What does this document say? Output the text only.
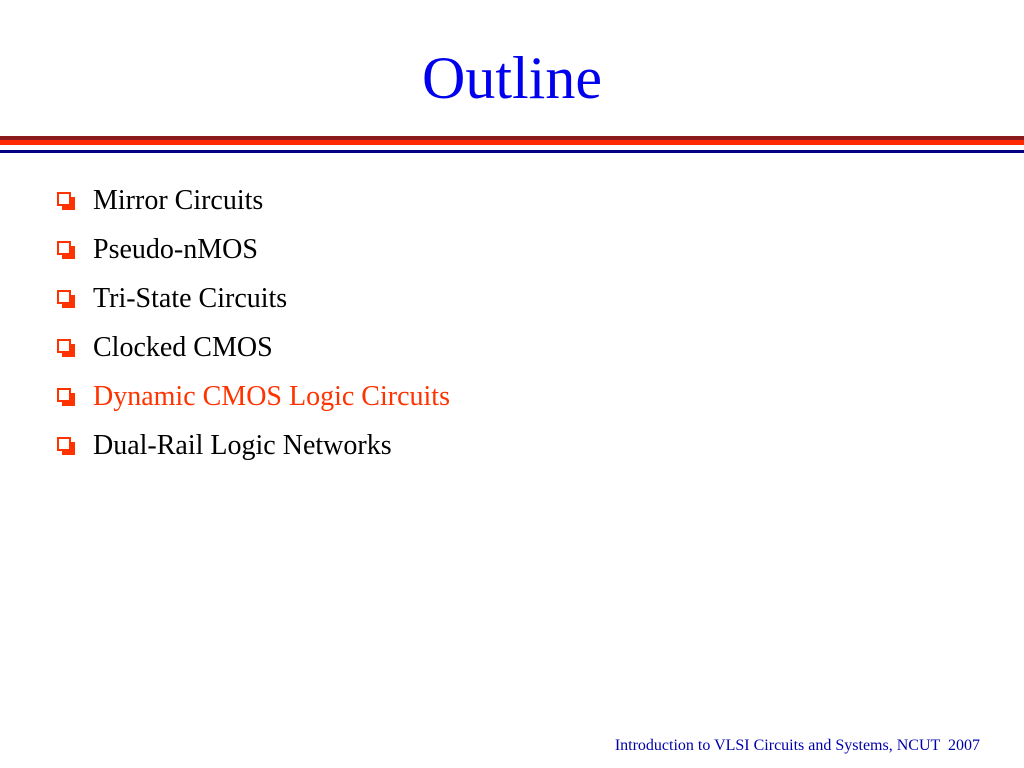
Outline
Mirror Circuits
Pseudo-nMOS
Tri-State Circuits
Clocked CMOS
Dynamic CMOS Logic Circuits
Dual-Rail Logic Networks
Introduction to VLSI Circuits and Systems, NCUT  2007
